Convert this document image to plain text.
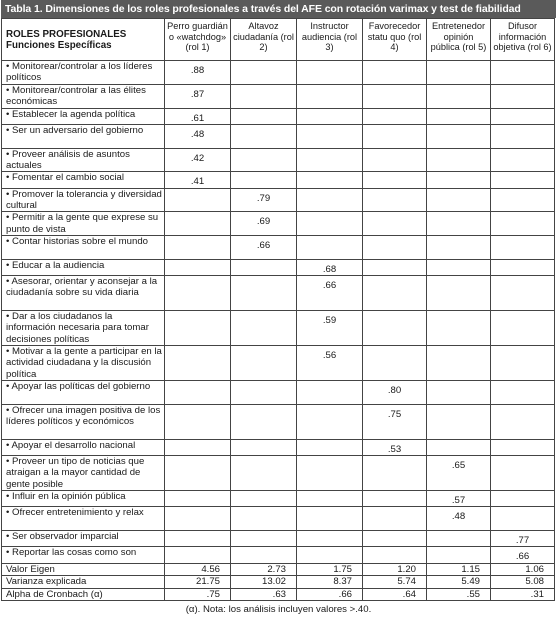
Tabla 1. Dimensiones de los roles profesionales a través del AFE con rotación varimax y test de fiabilidad
ROLES PROFESIONALES
Funciones Específicas	Perro guardián o «watchdog» (rol 1)	Altavoz ciudadanía (rol 2)	Instructor audiencia (rol 3)	Favorecedor statu quo (rol 4)	Entretenedor opinión pública (rol 5)	Difusor información objetiva (rol 6)
• Monitorear/controlar a los líderes políticos	.88					
• Monitorear/controlar a las élites económicas	.87					
• Establecer la agenda política	.61					
• Ser un adversario del gobierno	.48					
• Proveer análisis de asuntos actuales	.42					
• Fomentar el cambio social	.41					
• Promover la tolerancia y diversidad cultural		.79				
• Permitir a la gente que exprese su punto de vista		.69				
• Contar historias sobre el mundo		.66				
• Educar a la audiencia			.68			
• Asesorar, orientar y aconsejar a la ciudadanía sobre su vida diaria			.66			
• Dar a los ciudadanos la información necesaria para tomar decisiones políticas			.59			
• Motivar a la gente a participar en la actividad ciudadana y la discusión política			.56			
• Apoyar las políticas del gobierno				.80		
• Ofrecer una imagen positiva de los líderes políticos y económicos				.75		
• Apoyar el desarrollo nacional				.53		
• Proveer un tipo de noticias que atraigan a la mayor cantidad de gente posible					.65	
• Influir en la opinión pública					.57	
• Ofrecer entretenimiento y relax					.48	
• Ser observador imparcial						.77
• Reportar las cosas como son						.66
Valor Eigen	4.56	2.73	1.75	1.20	1.15	1.06
Varianza explicada	21.75	13.02	8.37	5.74	5.49	5.08
Alpha de Cronbach (α)	.75	.63	.66	.64	.55	.31
(α). Nota: los análisis incluyen valores >.40.
